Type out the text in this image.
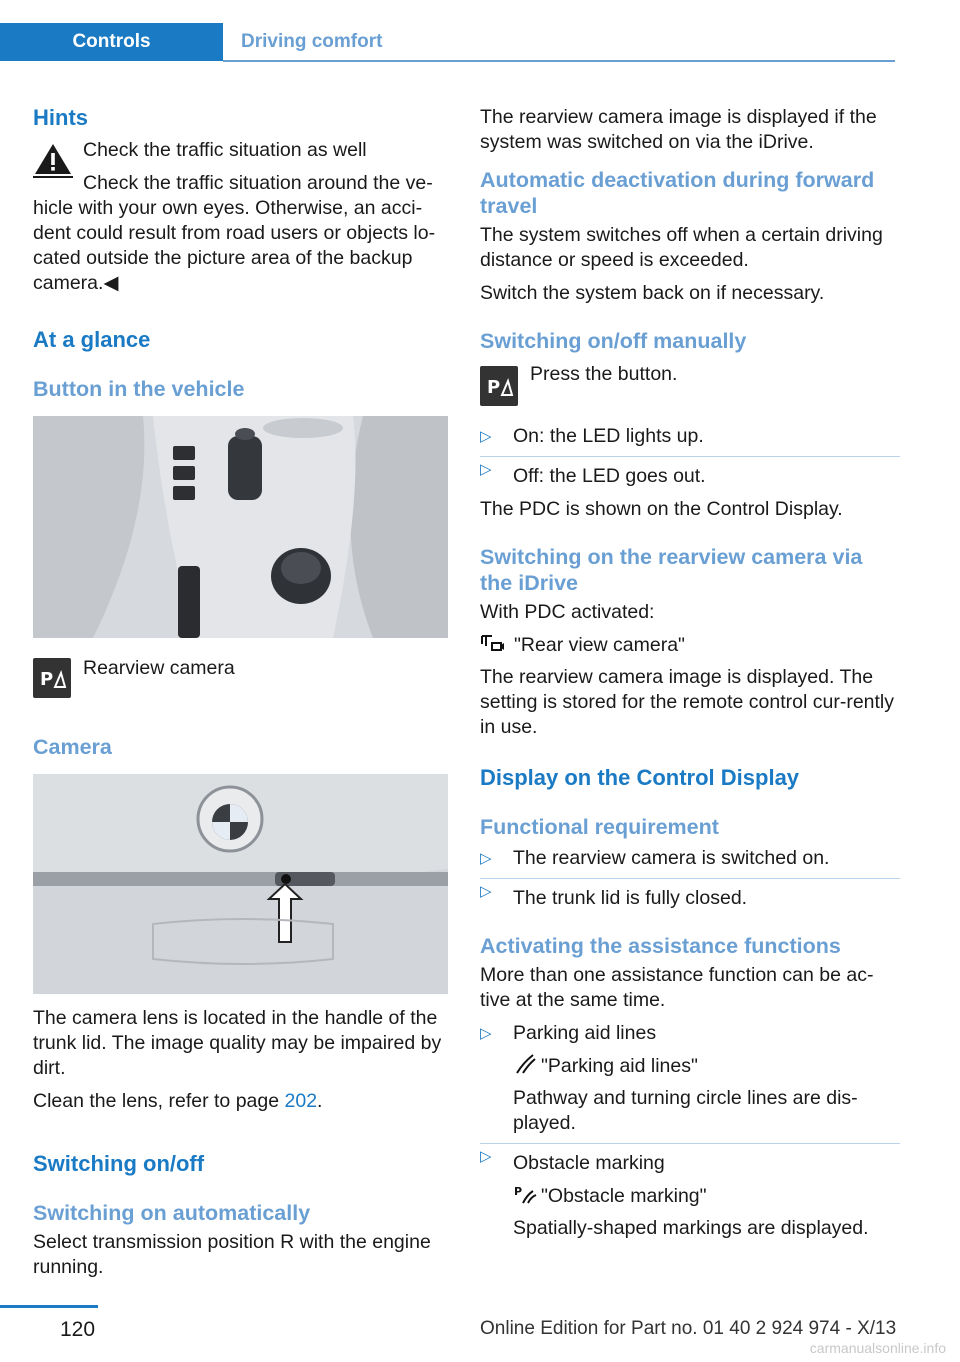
Controls	Driving comfort
Hints

Check the traffic situation as well

Check the traffic situation around the ve-hicle with your own eyes. Otherwise, an acci-dent could result from road users or objects lo-cated outside the picture area of the backup camera.◀

At a glance
Button in the vehicle
P

Rearview camera

Camera

The camera lens is located in the handle of the trunk lid. The image quality may be impaired by dirt.

Clean the lens, refer to page 202.

Switching on/off
Switching on automatically

Select transmission position R with the engine running.

The rearview camera image is displayed if the system was switched on via the iDrive.

Automatic deactivation during forward travel

The system switches off when a certain driving distance or speed is exceeded.

Switch the system back on if necessary.

Switching on/off manually
P

Press the button.

▷ On: the LED lights up.
▷ Off: the LED goes out.

The PDC is shown on the Control Display.

Switching on the rearview camera via the iDrive

With PDC activated:

"Rear view camera"

The rearview camera image is displayed. The setting is stored for the remote control cur-rently in use.

Display on the Control Display
Functional requirement
▷ The rearview camera is switched on.
▷ The trunk lid is fully closed.
Activating the assistance functions

More than one assistance function can be ac-tive at the same time.

▷ Parking aid lines
"Parking aid lines"
Pathway and turning circle lines are dis-played.
▷ Obstacle marking
P "Obstacle marking"
Spatially-shaped markings are displayed.
120	Online Edition for Part no. 01 40 2 924 974 - X/13
carmanualsonline.info
